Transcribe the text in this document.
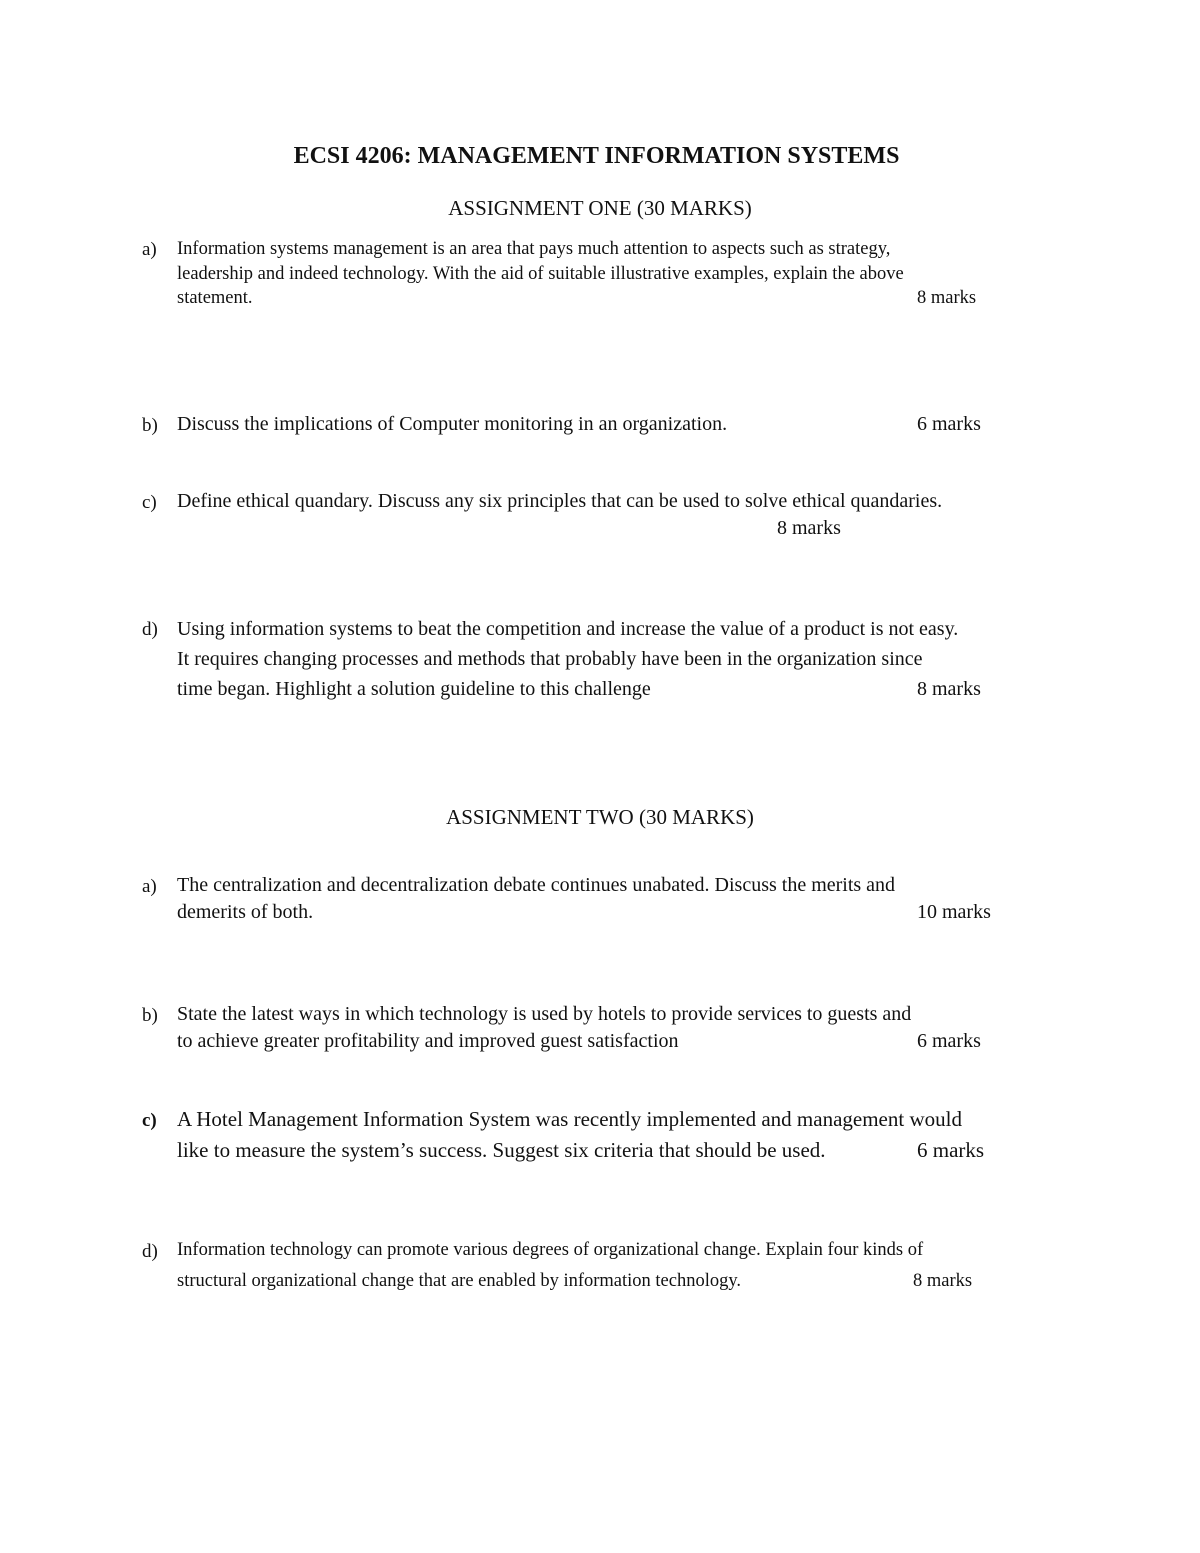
ECSI 4206: MANAGEMENT INFORMATION SYSTEMS
ASSIGNMENT ONE (30 MARKS)
a) Information systems management is an area that pays much attention to aspects such as strategy,
leadership and indeed technology. With the aid of suitable illustrative examples, explain the above
statement.	8 marks
b) Discuss the implications of Computer monitoring in an organization.	6 marks
c) Define ethical quandary. Discuss any six principles that can be used to solve ethical quandaries.
8 marks
d) Using information systems to beat the competition and increase the value of a product is not easy.
It requires changing processes and methods that probably have been in the organization since
time began. Highlight a solution guideline to this challenge	8 marks
ASSIGNMENT TWO (30 MARKS)
a) The centralization and decentralization debate continues unabated. Discuss the merits and
demerits of both.	10 marks
b) State the latest ways in which technology is used by hotels to provide services to guests and
to achieve greater profitability and improved guest satisfaction	6 marks
c) A Hotel Management Information System was recently implemented and management would
like to measure the system’s success. Suggest six criteria that should be used.	6 marks
d) Information technology can promote various degrees of organizational change. Explain four kinds of
structural organizational change that are enabled by information technology.	8 marks
